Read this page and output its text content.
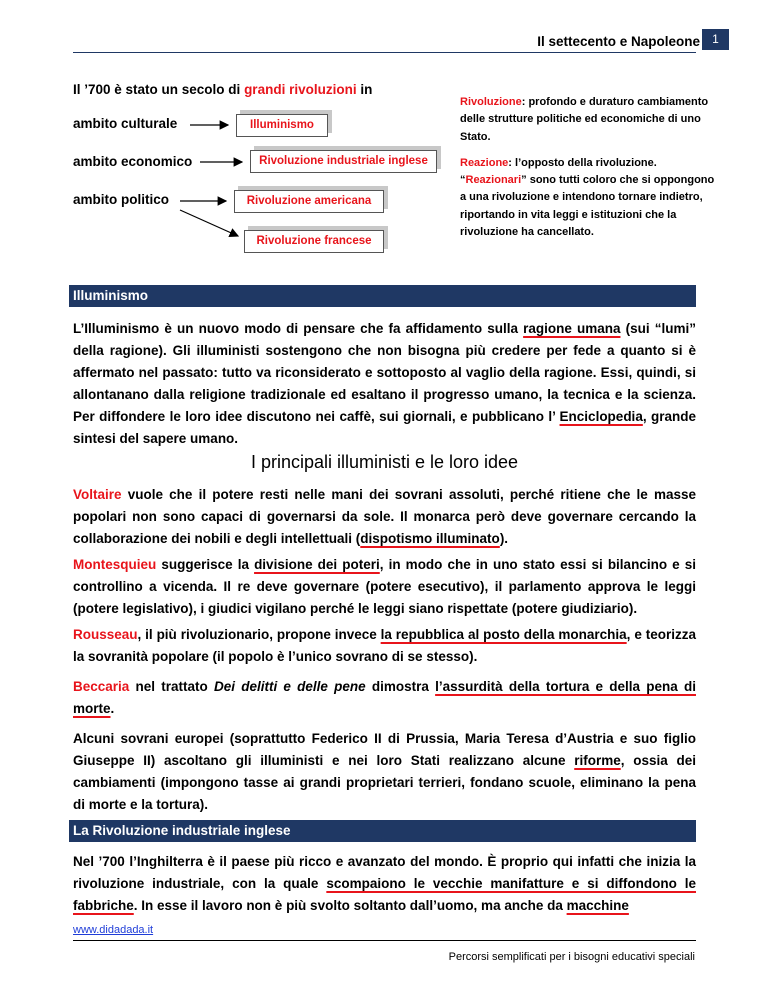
Il settecento e Napoleone	1
Il ’700 è stato un secolo di grandi rivoluzioni in
ambito culturale
ambito economico
ambito politico
Illuminismo
Rivoluzione industriale inglese
Rivoluzione americana
Rivoluzione francese

Rivoluzione: profondo e duraturo cambiamento delle strutture politiche ed economiche di uno Stato.

Reazione: l’opposto della rivoluzione. “Reazionari” sono tutti coloro che si oppongono a una rivoluzione e intendono tornare indietro, riportando in vita leggi e istituzioni che la rivoluzione ha cancellato.

Illuminismo

L’Illuminismo è un nuovo modo di pensare che fa affidamento sulla ragione umana (sui “lumi” della ragione). Gli illuministi sostengono che non bisogna più credere per fede a quanto si è affermato nel passato: tutto va riconsiderato e sottoposto al vaglio della ragione. Essi, quindi, si allontanano dalla religione tradizionale ed esaltano il progresso umano, la tecnica e la scienza. Per diffondere le loro idee discutono nei caffè, sui giornali, e pubblicano l’ Enciclopedia, grande sintesi del sapere umano.

I principali illuministi e le loro idee

Voltaire vuole che il potere resti nelle mani dei sovrani assoluti, perché ritiene che le masse popolari non sono capaci di governarsi da sole. Il monarca però deve governare cercando la collaborazione dei nobili e degli intellettuali (dispotismo illuminato).

Montesquieu suggerisce la divisione dei poteri, in modo che in uno stato essi si bilancino e si controllino a vicenda. Il re deve governare (potere esecutivo), il parlamento approva le leggi (potere legislativo), i giudici vigilano perché le leggi siano rispettate (potere giudiziario).

Rousseau, il più rivoluzionario, propone invece la repubblica al posto della monarchia, e teorizza la sovranità popolare (il popolo è l’unico sovrano di se stesso).

Beccaria nel trattato Dei delitti e delle pene dimostra l’assurdità della tortura e della pena di morte.

Alcuni sovrani europei (soprattutto Federico II di Prussia, Maria Teresa d’Austria e suo figlio Giuseppe II) ascoltano gli illuministi e nei loro Stati realizzano alcune riforme, ossia dei cambiamenti (impongono tasse ai grandi proprietari terrieri, fondano scuole, eliminano la pena di morte e la tortura).

La Rivoluzione industriale inglese

Nel ’700 l’Inghilterra è il paese più ricco e avanzato del mondo. È proprio qui infatti che inizia la rivoluzione industriale, con la quale scompaiono le vecchie manifatture e si diffondono le fabbriche. In esse il lavoro non è più svolto soltanto dall’uomo, ma anche da macchine

www.didadada.it
Percorsi semplificati per i bisogni educativi speciali
